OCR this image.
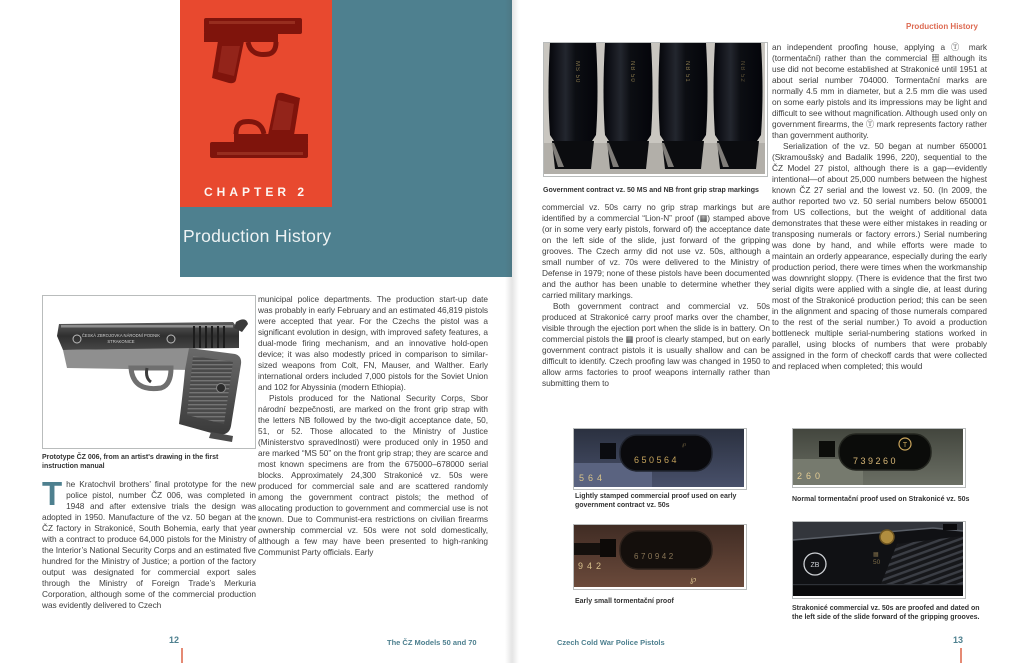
CHAPTER 2
Production History
ČESKÁ ZBROJOVKA NÁRODNÍ PODNIK
STRAKONICE
Prototype ČZ 006, from an artist's drawing in the first instruction manual
The Kratochvil brothers’ final prototype for the new police pistol, number ČZ 006, was completed in 1948 and after extensive trials the design was adopted in 1950. Manufacture of the vz. 50 began at the ČZ factory in Strakonicé, South Bohemia, early that year with a contract to produce 64,000 pistols for the Ministry of the Interior’s National Security Corps and an estimated five hundred for the Ministry of Justice; a portion of the factory output was designated for commercial export sales through the Ministry of Foreign Trade’s Merkuria Corporation, although some of the commercial production was evidently delivered to Czech

municipal police departments. The production start-up date was probably in early February and an estimated 46,819 pistols were accepted that year. For the Czechs the pistol was a significant evolution in design, with improved safety features, a dual-mode firing mechanism, and an innovative hold-open device; it was also modestly priced in comparison to similar-sized weapons from Colt, FN, Mauser, and Walther. Early international orders included 7,000 pistols for the Soviet Union and 102 for Abyssinia (modern Ethiopia).

Pistols produced for the National Security Corps, Sbor národní bezpečnosti, are marked on the front grip strap with the letters NB followed by the two-digit acceptance date, 50, 51, or 52. Those allocated to the Ministry of Justice (Ministerstvo spravedlnosti) were produced only in 1950 and are marked “MS 50” on the front grip strap; they are scarce and most known specimens are from the 675000–678000 serial blocks. Approximately 24,300 Strakonicé vz. 50s were produced for commercial sale and are scattered randomly among the government contract pistols; the method of allocating production to government and commercial use is not known. Due to Communist-era restrictions on civilian firearms ownership commercial vz. 50s were not sold domestically, although a few may have been presented to high-ranking Communist Party officials. Early

12	The ČZ Models 50 and 70
Production History
MS 50	NB 50	NB 51	NB 52
Government contract vz. 50 MS and NB front grip strap markings

commercial vz. 50s carry no grip strap markings but are identified by a commercial “Lion-N” proof (▦) stamped above (or in some very early pistols, forward of) the acceptance date on the left side of the slide, just forward of the gripping grooves. The Czech army did not use vz. 50s, although a small number of vz. 70s were delivered to the Ministry of Defense in 1979; none of these pistols have been documented and the author has been unable to determine whether they carried military markings.

Both government contract and commercial vz. 50s produced at Strakonicé carry proof marks over the chamber, visible through the ejection port when the slide is in battery. On commercial pistols the ▦ proof is clearly stamped, but on early government contract pistols it is usually shallow and can be difficult to identify. Czech proofing law was changed in 1950 to allow arms factories to proof weapons internally rather than submitting them to

℘
650564
564
Lightly stamped commercial proof used on early government contract vz. 50s
670942
942
℘
Early small tormentační proof

an independent proofing house, applying a Ⓣ mark (tormentační) rather than the commercial ▦ although its use did not become established at Strakonicé until 1951 at about serial number 704000. Tormentační marks are normally 4.5 mm in diameter, but a 2.5 mm die was used on some early pistols and its impressions may be light and difficult to see without magnification. Although used only on government firearms, the Ⓣ mark represents factory rather than government authority.

Serialization of the vz. 50 began at number 650001 (Skramoušský and Badalík 1996, 220), sequential to the ČZ Model 27 pistol, although there is a gap—evidently intentional—of about 25,000 numbers between the highest known ČZ 27 serial and the lowest vz. 50. (In 2009, the author reported two vz. 50 serial numbers below 650001 from US collections, but the weight of additional data demonstrates that these were either mistakes in reading or transposing numerals or factory errors.) Serial numbering was done by hand, and while efforts were made to maintain an orderly appearance, especially during the early production period, there were times when the workmanship was downright sloppy. (There is evidence that the first two serial digits were applied with a single die, at least during most of the Strakonicé production period; this can be seen in the alignment and spacing of those numerals compared to the rest of the serial number.) To avoid a production bottleneck multiple serial-numbering stations worked in parallel, using blocks of numbers that were probably assigned in the form of checkoff cards that were collected and replaced when completed; this would

T
739260
260
Normal tormentační proof used on Strakonicé vz. 50s
ZB
▦
50
Strakonicé commercial vz. 50s are proofed and dated on the left side of the slide forward of the gripping grooves.
Czech Cold War Police Pistols	13
